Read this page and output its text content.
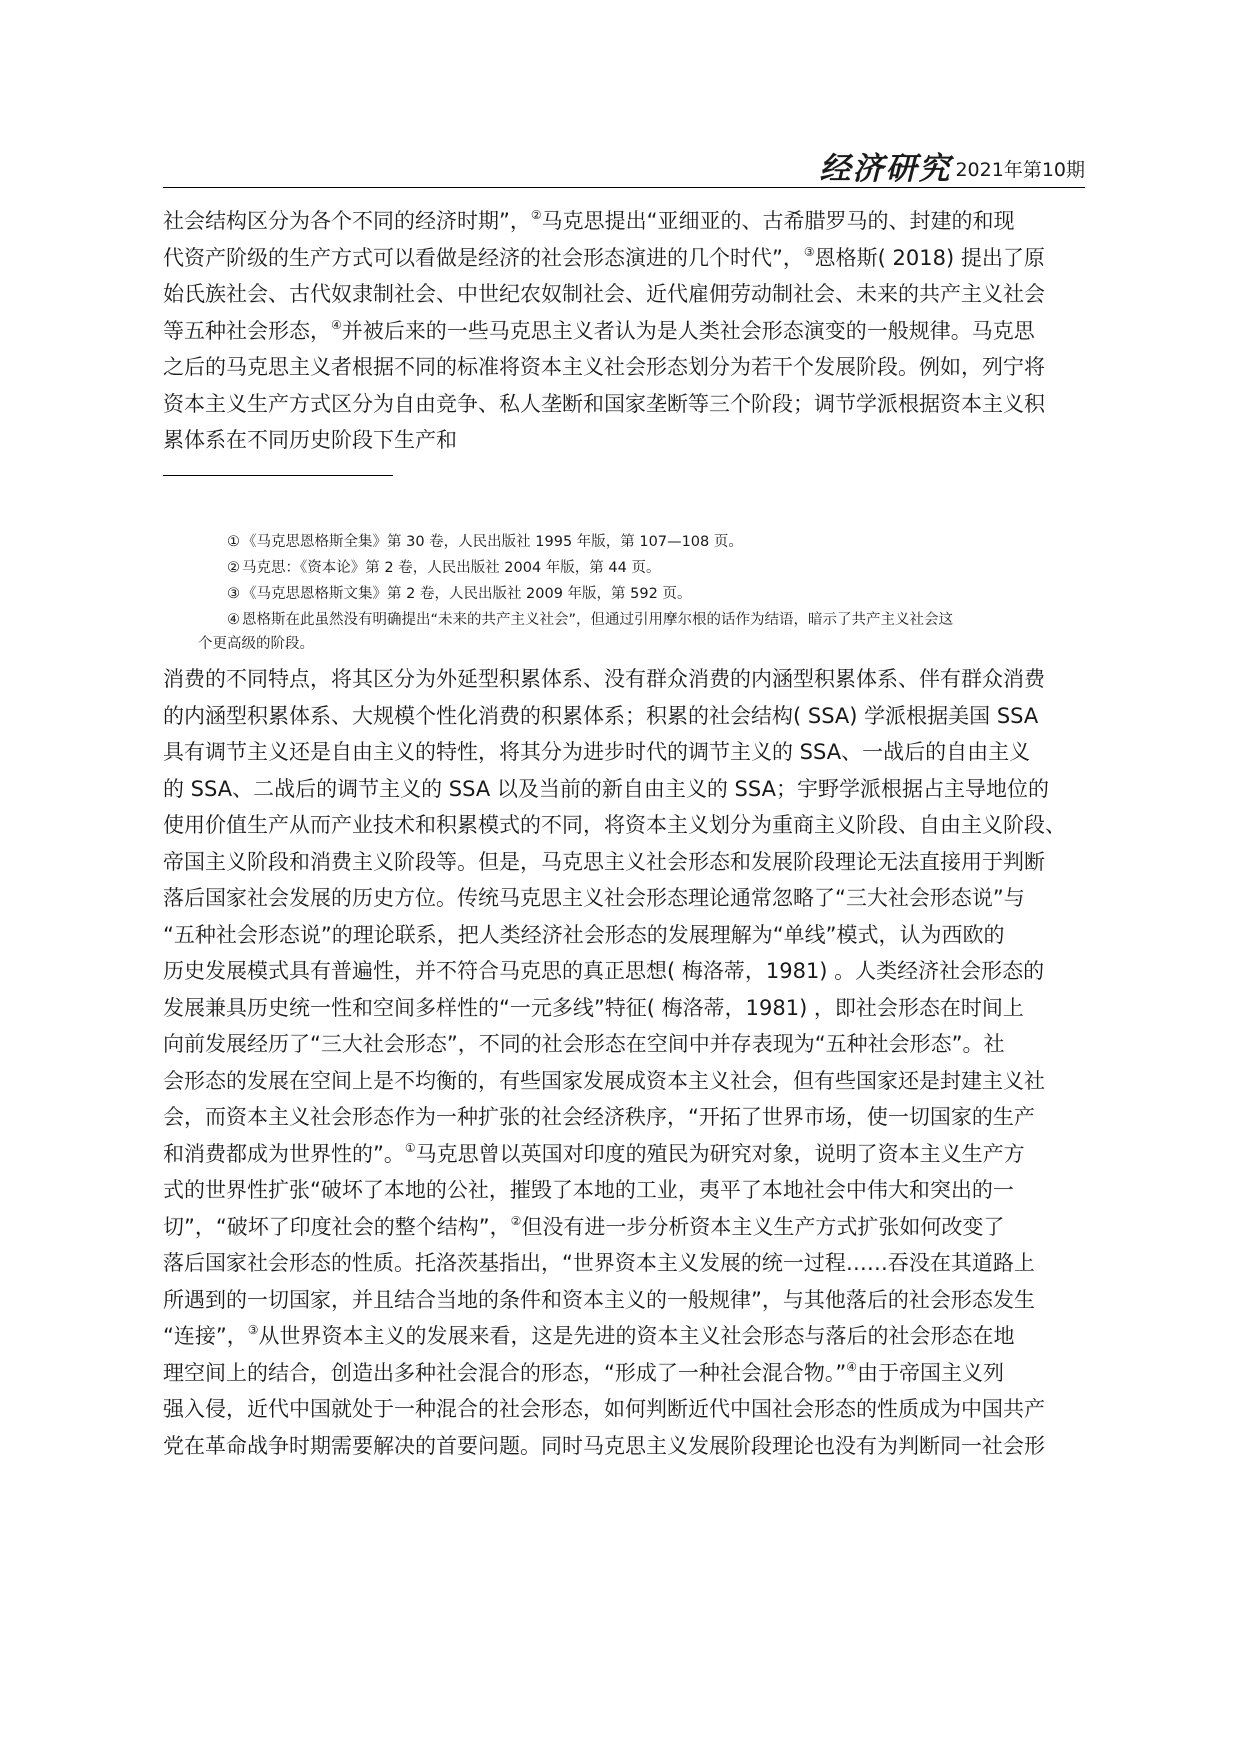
经济研究 2021年第10期
社会结构区分为各个不同的经济时期”，②马克思提出“亚细亚的、古希腊罗马的、封建的和现
代资产阶级的生产方式可以看做是经济的社会形态演进的几个时代”，③恩格斯( 2018) 提出了原
始氏族社会、古代奴隶制社会、中世纪农奴制社会、近代雇佣劳动制社会、未来的共产主义社会
等五种社会形态，④并被后来的一些马克思主义者认为是人类社会形态演变的一般规律。马克思
之后的马克思主义者根据不同的标准将资本主义社会形态划分为若干个发展阶段。例如，列宁将
资本主义生产方式区分为自由竞争、私人垄断和国家垄断等三个阶段；调节学派根据资本主义积
累体系在不同历史阶段下生产和
① 《马克思恩格斯全集》第 30 卷，人民出版社 1995 年版，第 107—108 页。
② 马克思：《资本论》第 2 卷，人民出版社 2004 年版，第 44 页。
③ 《马克思恩格斯文集》第 2 卷，人民出版社 2009 年版，第 592 页。
④ 恩格斯在此虽然没有明确提出“未来的共产主义社会”，但通过引用摩尔根的话作为结语，暗示了共产主义社会这
个更高级的阶段。
消费的不同特点，将其区分为外延型积累体系、没有群众消费的内涵型积累体系、伴有群众消费
的内涵型积累体系、大规模个性化消费的积累体系；积累的社会结构( SSA) 学派根据美国 SSA
具有调节主义还是自由主义的特性，将其分为进步时代的调节主义的 SSA、一战后的自由主义
的 SSA、二战后的调节主义的 SSA 以及当前的新自由主义的 SSA；宇野学派根据占主导地位的
使用价值生产从而产业技术和积累模式的不同，将资本主义划分为重商主义阶段、自由主义阶段、
帝国主义阶段和消费主义阶段等。但是，马克思主义社会形态和发展阶段理论无法直接用于判断
落后国家社会发展的历史方位。传统马克思主义社会形态理论通常忽略了“三大社会形态说”与
“五种社会形态说”的理论联系，把人类经济社会形态的发展理解为“单线”模式，认为西欧的
历史发展模式具有普遍性，并不符合马克思的真正思想( 梅洛蒂，1981) 。人类经济社会形态的
发展兼具历史统一性和空间多样性的“一元多线”特征( 梅洛蒂，1981) ，即社会形态在时间上
向前发展经历了“三大社会形态”，不同的社会形态在空间中并存表现为“五种社会形态”。社
会形态的发展在空间上是不均衡的，有些国家发展成资本主义社会，但有些国家还是封建主义社
会，而资本主义社会形态作为一种扩张的社会经济秩序，“开拓了世界市场，使一切国家的生产
和消费都成为世界性的”。①马克思曾以英国对印度的殖民为研究对象，说明了资本主义生产方
式的世界性扩张“破坏了本地的公社，摧毁了本地的工业，夷平了本地社会中伟大和突出的一
切”，“破坏了印度社会的整个结构”，②但没有进一步分析资本主义生产方式扩张如何改变了
落后国家社会形态的性质。托洛茨基指出，“世界资本主义发展的统一过程……吞没在其道路上
所遇到的一切国家，并且结合当地的条件和资本主义的一般规律”，与其他落后的社会形态发生
“连接”，③从世界资本主义的发展来看，这是先进的资本主义社会形态与落后的社会形态在地
理空间上的结合，创造出多种社会混合的形态，“形成了一种社会混合物。”④由于帝国主义列
强入侵，近代中国就处于一种混合的社会形态，如何判断近代中国社会形态的性质成为中国共产
党在革命战争时期需要解决的首要问题。同时马克思主义发展阶段理论也没有为判断同一社会形
